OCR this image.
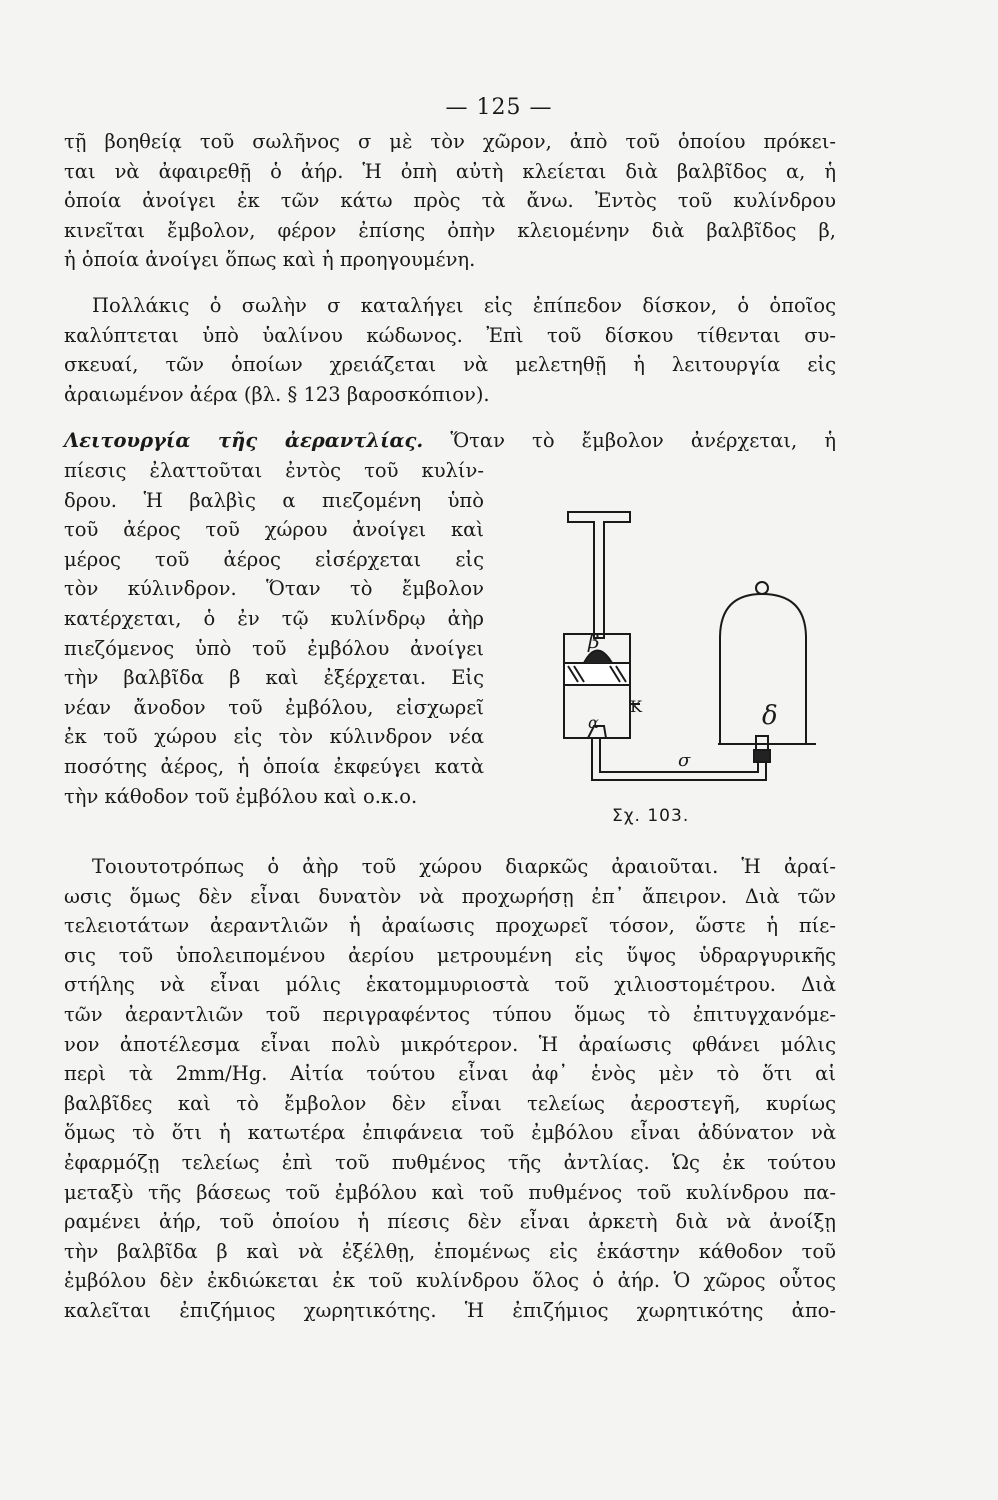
— 125 —
τῇ βοηθείᾳ τοῦ σωλῆνος σ μὲ τὸν χῶρον, ἀπὸ τοῦ ὁποίου πρόκει-
ται νὰ ἀφαιρεθῇ ὁ ἀήρ. Ἡ ὀπὴ αὐτὴ κλείεται διὰ βαλβῖδος α, ἡ
ὁποία ἀνοίγει ἐκ τῶν κάτω πρὸς τὰ ἄνω. Ἐντὸς τοῦ κυλίνδρου
κινεῖται ἔμβολον, φέρον ἐπίσης ὀπὴν κλειομένην διὰ βαλβῖδος β,
ἡ ὁποία ἀνοίγει ὅπως καὶ ἡ προηγουμένη.
Πολλάκις ὁ σωλὴν σ καταλήγει εἰς ἐπίπεδον δίσκον, ὁ ὁποῖος
καλύπτεται ὑπὸ ὑαλίνου κώδωνος. Ἐπὶ τοῦ δίσκου τίθενται συ-
σκευαί, τῶν ὁποίων χρειάζεται νὰ μελετηθῇ ἡ λειτουργία εἰς
ἀραιωμένον ἀέρα (βλ. § 123 βαροσκόπιον).
Λειτουργία τῆς ἀεραντλίας. Ὅταν τὸ ἔμβολον ἀνέρχεται, ἡ
πίεσις ἐλαττοῦται ἐντὸς τοῦ κυλίν-
δρου. Ἡ βαλβὶς α πιεζομένη ὑπὸ
τοῦ ἀέρος τοῦ χώρου ἀνοίγει καὶ
μέρος τοῦ ἀέρος εἰσέρχεται εἰς
τὸν κύλινδρον. Ὅταν τὸ ἔμβολον
κατέρχεται, ὁ ἐν τῷ κυλίνδρῳ ἀὴρ
πιεζόμενος ὑπὸ τοῦ ἐμβόλου ἀνοίγει
τὴν βαλβῖδα β καὶ ἐξέρχεται. Εἰς
νέαν ἄνοδον τοῦ ἐμβόλου, εἰσχωρεῖ
ἐκ τοῦ χώρου εἰς τὸν κύλινδρον νέα
ποσότης ἀέρος, ἡ ὁποία ἐκφεύγει κατὰ
τὴν κάθοδον τοῦ ἐμβόλου καὶ ο.κ.ο.
β
Κ
α
σ
δ
Σχ. 103.
Τοιουτοτρόπως ὁ ἀὴρ τοῦ χώρου διαρκῶς ἀραιοῦται. Ἡ ἀραί-
ωσις ὅμως δὲν εἶναι δυνατὸν νὰ προχωρήσῃ ἐπ᾽ ἄπειρον. Διὰ τῶν
τελειοτάτων ἀεραντλιῶν ἡ ἀραίωσις προχωρεῖ τόσον, ὥστε ἡ πίε-
σις τοῦ ὑπολειπομένου ἀερίου μετρουμένη εἰς ὕψος ὑδραργυρικῆς
στήλης νὰ εἶναι μόλις ἑκατομμυριοστὰ τοῦ χιλιοστομέτρου. Διὰ
τῶν ἀεραντλιῶν τοῦ περιγραφέντος τύπου ὅμως τὸ ἐπιτυγχανόμε-
νον ἀποτέλεσμα εἶναι πολὺ μικρότερον. Ἡ ἀραίωσις φθάνει μόλις
περὶ τὰ 2mm/Hg. Αἰτία τούτου εἶναι ἀφ᾽ ἑνὸς μὲν τὸ ὅτι αἱ
βαλβῖδες καὶ τὸ ἔμβολον δὲν εἶναι τελείως ἀεροστεγῆ, κυρίως
ὅμως τὸ ὅτι ἡ κατωτέρα ἐπιφάνεια τοῦ ἐμβόλου εἶναι ἀδύνατον νὰ
ἐφαρμόζῃ τελείως ἐπὶ τοῦ πυθμένος τῆς ἀντλίας. Ὡς ἐκ τούτου
μεταξὺ τῆς βάσεως τοῦ ἐμβόλου καὶ τοῦ πυθμένος τοῦ κυλίνδρου πα-
ραμένει ἀήρ, τοῦ ὁποίου ἡ πίεσις δὲν εἶναι ἀρκετὴ διὰ νὰ ἀνοίξῃ
τὴν βαλβῖδα β καὶ νὰ ἐξέλθῃ, ἑπομένως εἰς ἑκάστην κάθοδον τοῦ
ἐμβόλου δὲν ἐκδιώκεται ἐκ τοῦ κυλίνδρου ὅλος ὁ ἀήρ. Ὁ χῶρος οὗτος
καλεῖται ἐπιζήμιος χωρητικότης. Ἡ ἐπιζήμιος χωρητικότης ἀπο-
